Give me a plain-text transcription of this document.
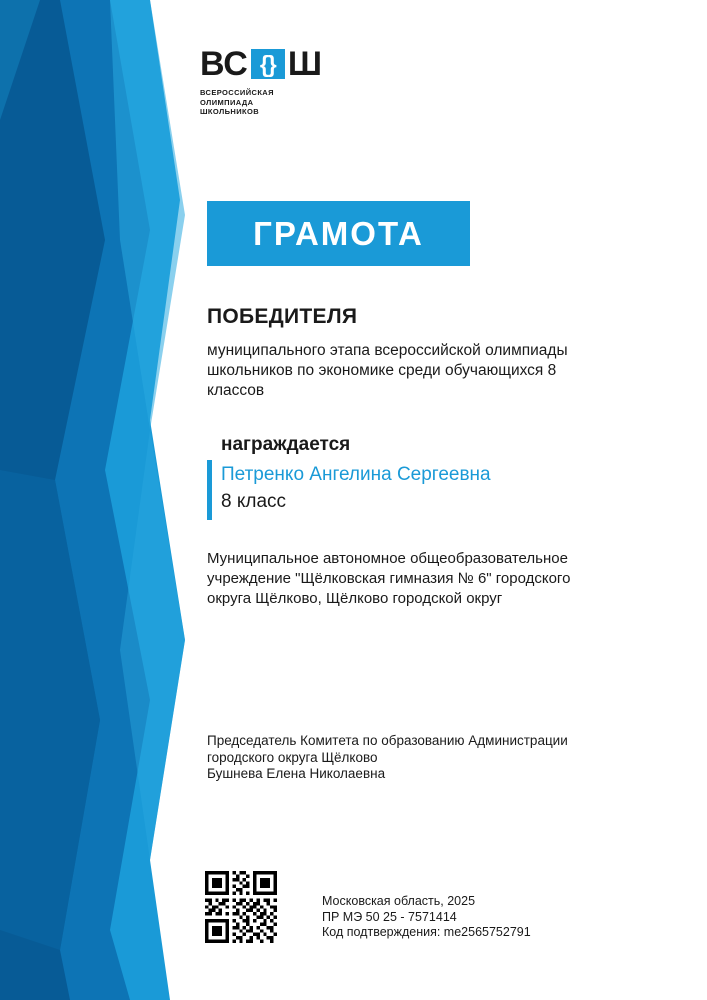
ВС {} Ш
ВСЕРОССИЙСКАЯ
ОЛИМПИАДА
ШКОЛЬНИКОВ
ГРАМОТА
ПОБЕДИТЕЛЯ
муниципального этапа всероссийской олимпиады школьников по экономике среди обучающихся 8 классов
награждается
Петренко Ангелина Сергеевна
8 класс
Муниципальное автономное общеобразовательное учреждение "Щёлковская гимназия № 6" городского округа Щёлково, Щёлково городской округ
Председатель Комитета по образованию Администрации городского округа Щёлково
Бушнева Елена Николаевна
Московская область, 2025
ПР МЭ 50 25 - 7571414
Код подтверждения: me2565752791
